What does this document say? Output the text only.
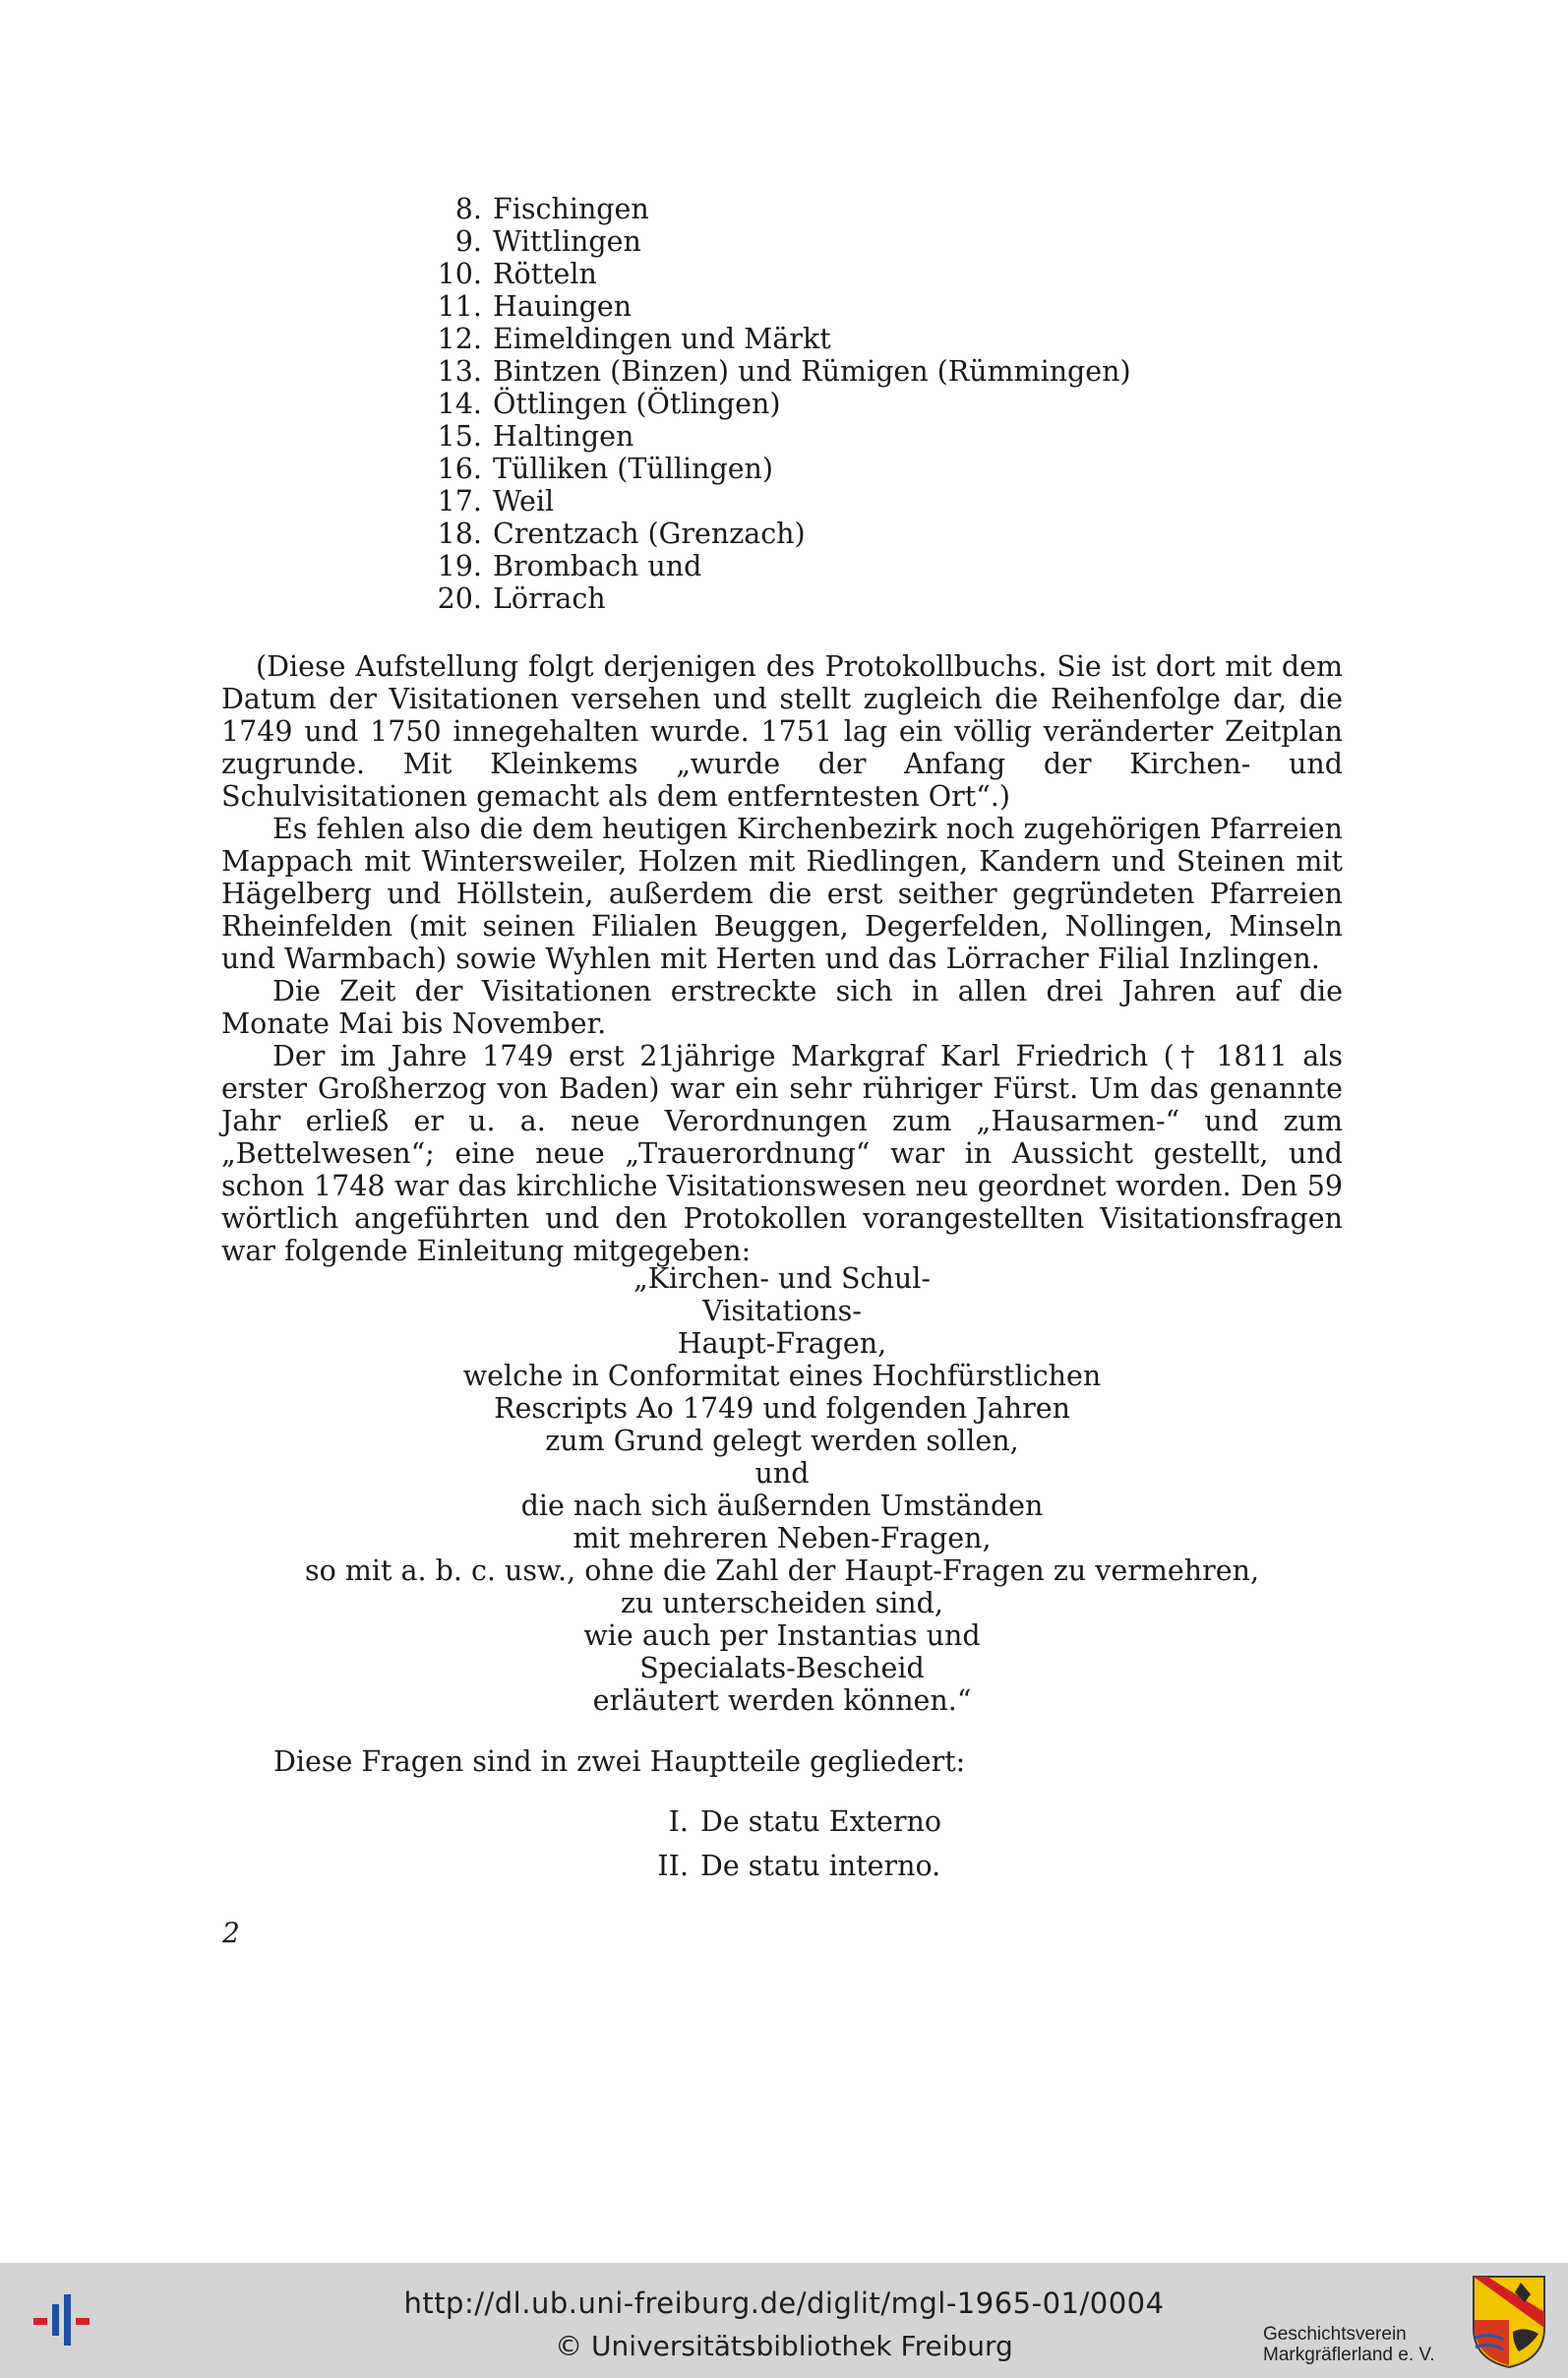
8. Fischingen
9. Wittlingen
10. Rötteln
11. Hauingen
12. Eimeldingen und Märkt
13. Bintzen (Binzen) und Rümigen (Rümmingen)
14. Öttlingen (Ötlingen)
15. Haltingen
16. Tülliken (Tüllingen)
17. Weil
18. Crentzach (Grenzach)
19. Brombach und
20. Lörrach

(Diese Aufstellung folgt derjenigen des Protokollbuchs. Sie ist dort mit dem Datum der Visitationen versehen und stellt zugleich die Reihenfolge dar, die 1749 und 1750 innegehalten wurde. 1751 lag ein völlig veränderter Zeitplan zugrunde. Mit Kleinkems „wurde der Anfang der Kirchen- und Schulvisitationen gemacht als dem entferntesten Ort“.)

Es fehlen also die dem heutigen Kirchenbezirk noch zugehörigen Pfarreien Mappach mit Wintersweiler, Holzen mit Riedlingen, Kandern und Steinen mit Hägelberg und Höllstein, außerdem die erst seither gegründeten Pfarreien Rheinfelden (mit seinen Filialen Beuggen, Degerfelden, Nollingen, Minseln und Warmbach) sowie Wyhlen mit Herten und das Lörracher Filial Inzlingen.

Die Zeit der Visitationen erstreckte sich in allen drei Jahren auf die Monate Mai bis November.

Der im Jahre 1749 erst 21jährige Markgraf Karl Friedrich († 1811 als erster Großherzog von Baden) war ein sehr rühriger Fürst. Um das genannte Jahr erließ er u. a. neue Verordnungen zum „Hausarmen-“ und zum „Bettelwesen“; eine neue „Trauerordnung“ war in Aussicht gestellt, und schon 1748 war das kirchliche Visitationswesen neu geordnet worden. Den 59 wörtlich angeführten und den Protokollen vorangestellten Visitationsfragen war folgende Einleitung mitgegeben:

„Kirchen- und Schul-
Visitations-
Haupt-Fragen,
welche in Conformitat eines Hochfürstlichen
Rescripts Ao 1749 und folgenden Jahren
zum Grund gelegt werden sollen,
und
die nach sich äußernden Umständen
mit mehreren Neben-Fragen,
so mit a. b. c. usw., ohne die Zahl der Haupt-Fragen zu vermehren,
zu unterscheiden sind,
wie auch per Instantias und
Specialats-Bescheid
erläutert werden können.“
Diese Fragen sind in zwei Hauptteile gegliedert:
I. De statu Externo
II. De statu interno.
2
http://dl.ub.uni-freiburg.de/diglit/mgl-1965-01/0004
© Universitätsbibliothek Freiburg	Geschichtsverein
Markgräflerland e. V.
